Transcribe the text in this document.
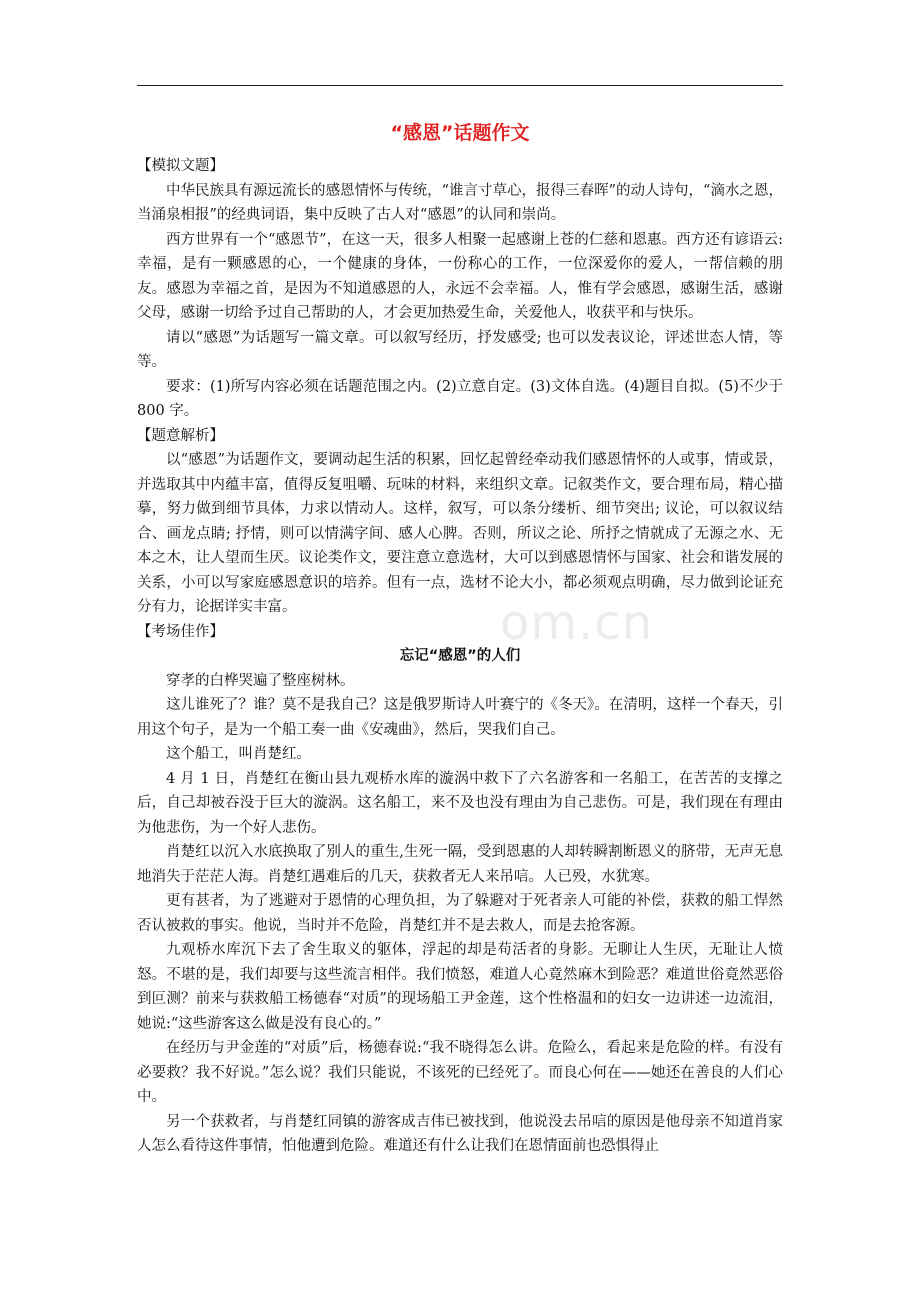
“感恩”话题作文
【模拟文题】

中华民族具有源远流长的感恩情怀与传统，“谁言寸草心，报得三春晖”的动人诗句，“滴水之恩，当涌泉相报”的经典词语，集中反映了古人对“感恩”的认同和崇尚。

西方世界有一个“感恩节”，在这一天，很多人相聚一起感谢上苍的仁慈和恩惠。西方还有谚语云: 幸福，是有一颗感恩的心，一个健康的身体，一份称心的工作，一位深爱你的爱人，一帮信赖的朋友。感恩为幸福之首，是因为不知道感恩的人，永远不会幸福。人，惟有学会感恩，感谢生活，感谢父母，感谢一切给予过自己帮助的人，才会更加热爱生命，关爱他人，收获平和与快乐。

请以“感恩”为话题写一篇文章。可以叙写经历，抒发感受; 也可以发表议论，评述世态人情，等等。

要求：(1)所写内容必须在话题范围之内。(2)立意自定。(3)文体自选。(4)题目自拟。(5)不少于 800 字。

【题意解析】

以“感恩”为话题作文，要调动起生活的积累，回忆起曾经牵动我们感恩情怀的人或事，情或景，并选取其中内蕴丰富，值得反复咀嚼、玩味的材料，来组织文章。记叙类作文，要合理布局，精心描摹，努力做到细节具体，力求以情动人。这样，叙写，可以条分缕析、细节突出; 议论，可以叙议结合、画龙点睛; 抒情，则可以情满字间、感人心脾。否则，所议之论、所抒之情就成了无源之水、无本之木，让人望而生厌。议论类作文，要注意立意选材，大可以到感恩情怀与国家、社会和谐发展的关系，小可以写家庭感恩意识的培养。但有一点，选材不论大小，都必须观点明确，尽力做到论证充分有力，论据详实丰富。

【考场佳作】
忘记“感恩”的人们

穿孝的白桦哭遍了整座树林。

这儿谁死了？谁？莫不是我自己？这是俄罗斯诗人叶赛宁的《冬天》。在清明，这样一个春天，引用这个句子，是为一个船工奏一曲《安魂曲》，然后，哭我们自己。

这个船工，叫肖楚红。

4 月 1 日，肖楚红在衡山县九观桥水库的漩涡中救下了六名游客和一名船工，在苦苦的支撑之后，自己却被吞没于巨大的漩涡。这名船工，来不及也没有理由为自己悲伤。可是，我们现在有理由为他悲伤，为一个好人悲伤。

肖楚红以沉入水底换取了别人的重生,生死一隔，受到恩惠的人却转瞬割断恩义的脐带，无声无息地消失于茫茫人海。肖楚红遇难后的几天，获救者无人来吊唁。人已殁，水犹寒。

更有甚者，为了逃避对于恩情的心理负担，为了躲避对于死者亲人可能的补偿，获救的船工悍然否认被救的事实。他说，当时并不危险，肖楚红并不是去救人，而是去抢客源。

九观桥水库沉下去了舍生取义的躯体，浮起的却是苟活者的身影。无聊让人生厌，无耻让人愤怒。不堪的是，我们却要与这些流言相伴。我们愤怒，难道人心竟然麻木到险恶？难道世俗竟然恶俗到叵测？前来与获救船工杨德春“对质”的现场船工尹金莲，这个性格温和的妇女一边讲述一边流泪，她说:“这些游客这么做是没有良心的。”

在经历与尹金莲的“对质”后，杨德春说:“我不晓得怎么讲。危险么，看起来是危险的样。有没有必要救？我不好说。”怎么说？我们只能说，不该死的已经死了。而良心何在——她还在善良的人们心中。

另一个获救者，与肖楚红同镇的游客成吉伟已被找到，他说没去吊唁的原因是他母亲不知道肖家人怎么看待这件事情，怕他遭到危险。难道还有什么让我们在恩情面前也恐惧得止

om.cn
